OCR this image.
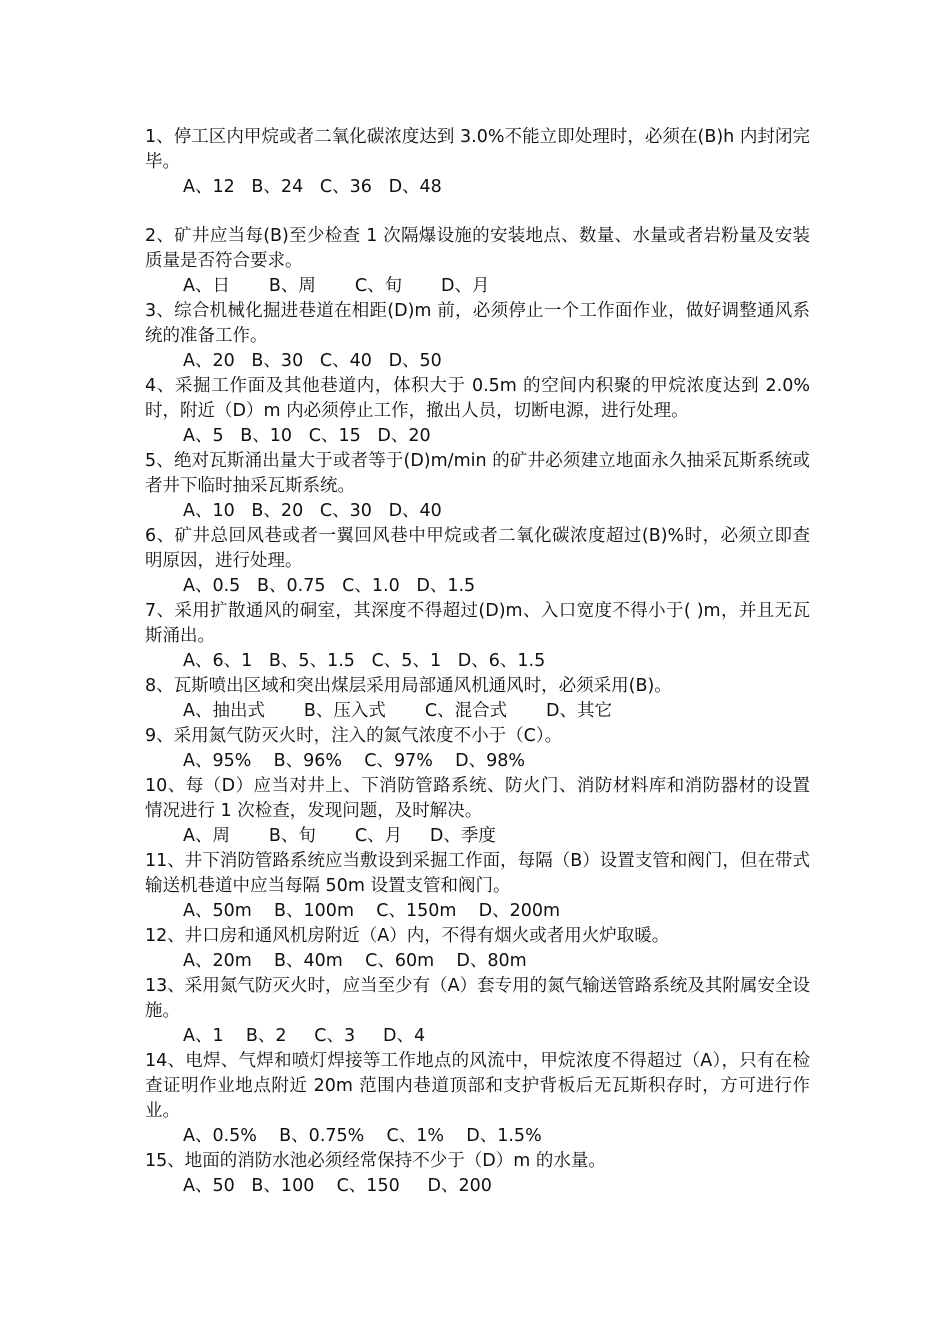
1、停工区内甲烷或者二氧化碳浓度达到 3.0%不能立即处理时，必须在(B)h 内封闭完毕。

A、12   B、24   C、36   D、48

2、矿井应当每(B)至少检查 1 次隔爆设施的安装地点、数量、水量或者岩粉量及安装质量是否符合要求。

A、日       B、周       C、旬       D、月

3、综合机械化掘进巷道在相距(D)m 前，必须停止一个工作面作业，做好调整通风系统的准备工作。

A、20   B、30   C、40   D、50

4、采掘工作面及其他巷道内，体积大于 0.5m 的空间内积聚的甲烷浓度达到 2.0%时，附近（D）m 内必须停止工作，撤出人员，切断电源，进行处理。

A、5   B、10   C、15   D、20

5、绝对瓦斯涌出量大于或者等于(D)m/min 的矿井必须建立地面永久抽采瓦斯系统或者井下临时抽采瓦斯系统。

A、10   B、20   C、30   D、40

6、矿井总回风巷或者一翼回风巷中甲烷或者二氧化碳浓度超过(B)%时，必须立即查明原因，进行处理。

A、0.5   B、0.75   C、1.0   D、1.5

7、采用扩散通风的硐室，其深度不得超过(D)m、入口宽度不得小于( )m，并且无瓦斯涌出。

A、6、1   B、5、1.5   C、5、1   D、6、1.5

8、瓦斯喷出区域和突出煤层采用局部通风机通风时，必须采用(B)。

A、抽出式       B、压入式       C、混合式       D、其它

9、采用氮气防灭火时，注入的氮气浓度不小于（C）。

A、95%    B、96%    C、97%    D、98%

10、每（D）应当对井上、下消防管路系统、防火门、消防材料库和消防器材的设置情况进行 1 次检查，发现问题，及时解决。

A、周       B、旬       C、月     D、季度

11、井下消防管路系统应当敷设到采掘工作面，每隔（B）设置支管和阀门，但在带式输送机巷道中应当每隔 50m 设置支管和阀门。

A、50m    B、100m    C、150m    D、200m

12、井口房和通风机房附近（A）内，不得有烟火或者用火炉取暖。

A、20m    B、40m    C、60m    D、80m

13、采用氮气防灭火时，应当至少有（A）套专用的氮气输送管路系统及其附属安全设施。

A、1    B、2     C、3     D、4

14、电焊、气焊和喷灯焊接等工作地点的风流中，甲烷浓度不得超过（A），只有在检查证明作业地点附近 20m 范围内巷道顶部和支护背板后无瓦斯积存时，方可进行作业。

A、0.5%    B、0.75%    C、1%    D、1.5%

15、地面的消防水池必须经常保持不少于（D）m 的水量。

A、50   B、100    C、150     D、200
